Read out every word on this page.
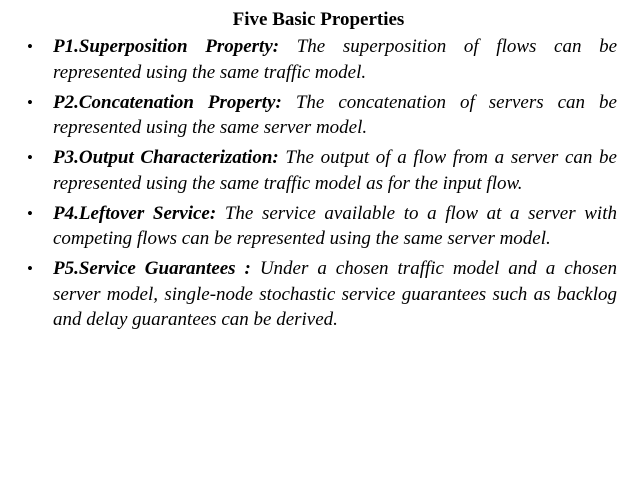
Five Basic Properties
• P1.Superposition Property: The superposition of flows can be represented using the same traffic model.
• P2.Concatenation Property: The concatenation of servers can be represented using the same server model.
• P3.Output Characterization: The output of a flow from a server can be represented using the same traffic model as for the input flow.
• P4.Leftover Service: The service available to a flow at a server with competing flows can be represented using the same server model.
• P5.Service Guarantees : Under a chosen traffic model and a chosen server model, single-node stochastic service guarantees such as backlog and delay guarantees can be derived.
